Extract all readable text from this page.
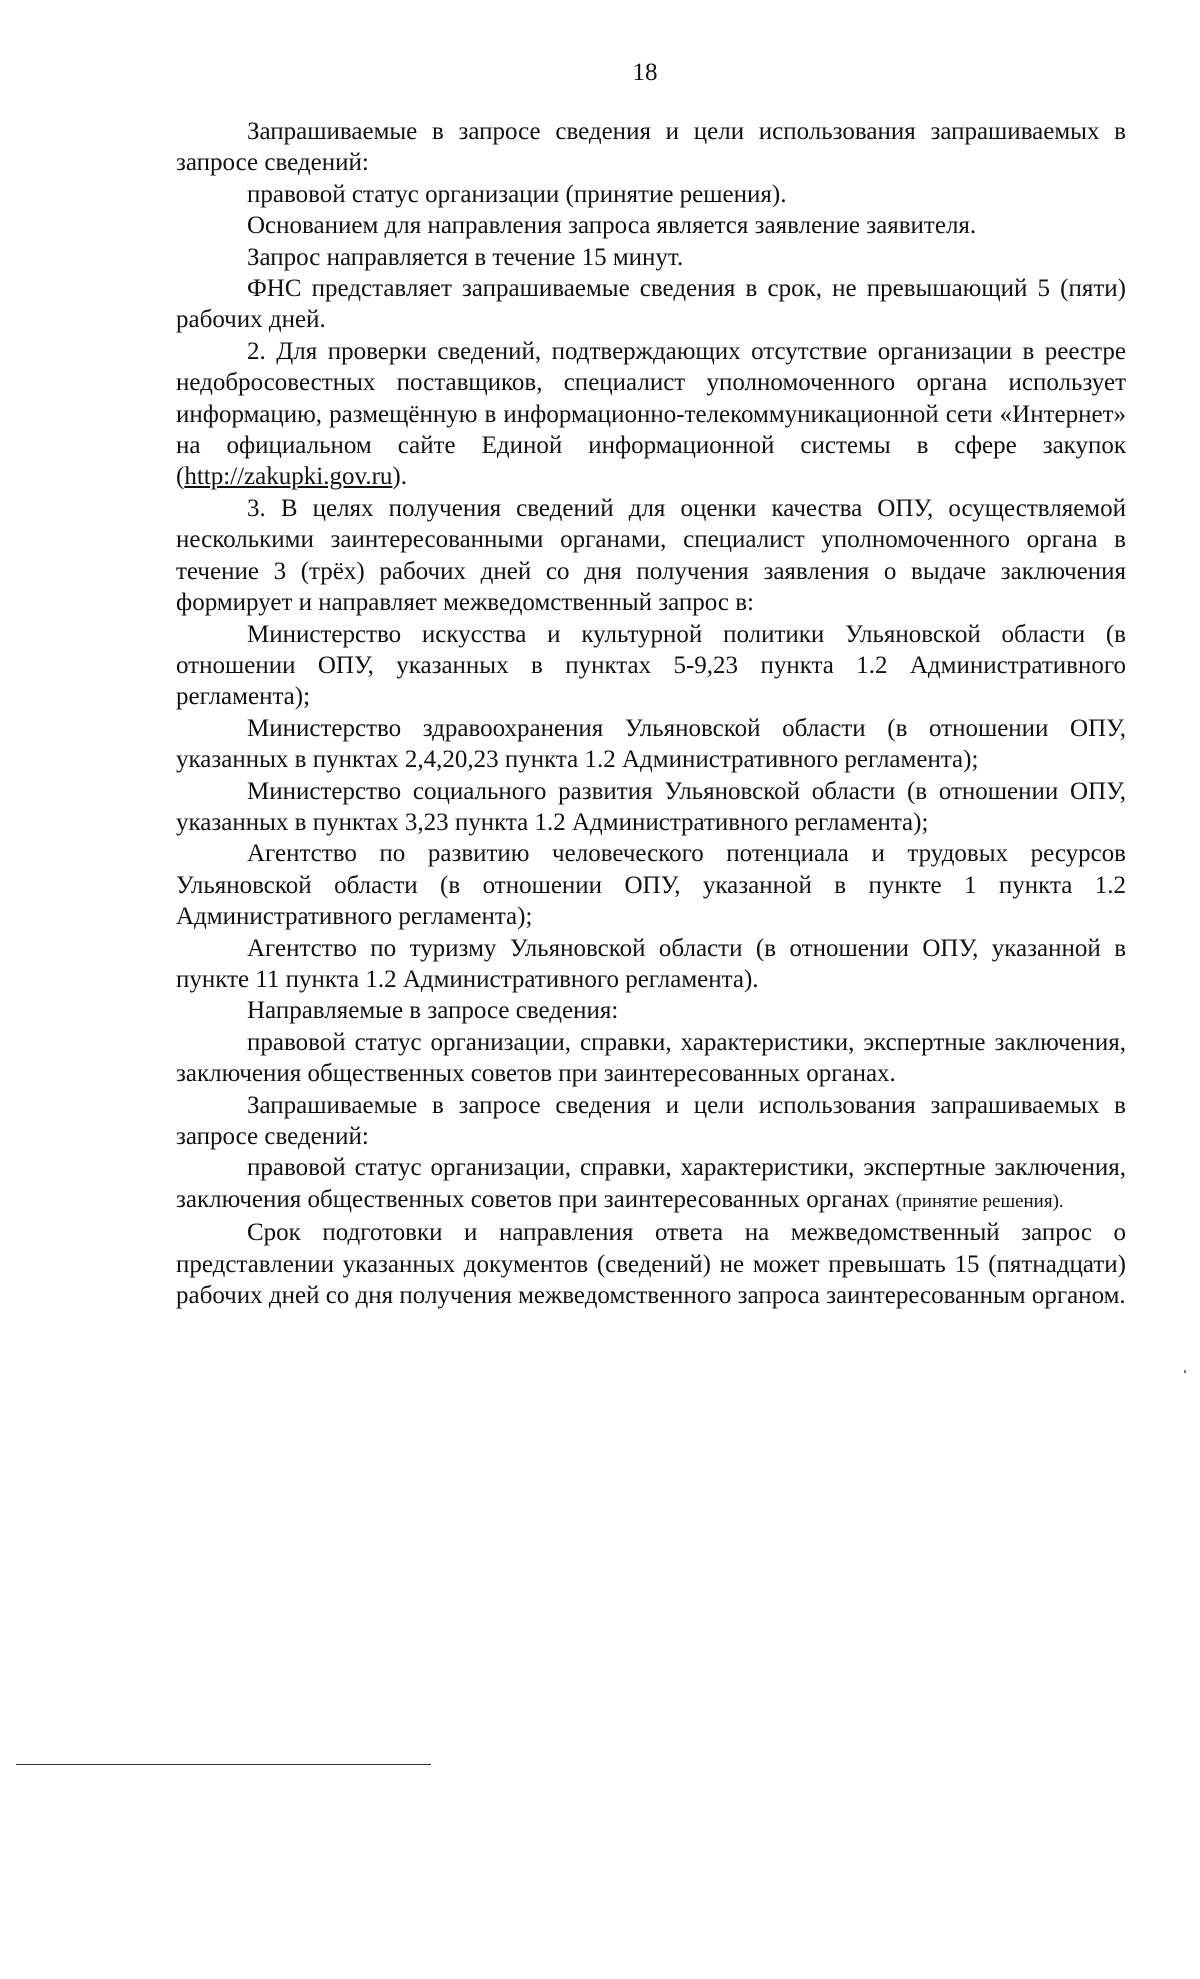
18

Запрашиваемые в запросе сведения и цели использования запрашиваемых в запросе сведений:

правовой статус организации (принятие решения).

Основанием для направления запроса является заявление заявителя.

Запрос направляется в течение 15 минут.

ФНС представляет запрашиваемые сведения в срок, не превышающий 5 (пяти) рабочих дней.

2. Для проверки сведений, подтверждающих отсутствие организации в реестре недобросовестных поставщиков, специалист уполномоченного органа использует информацию, размещённую в информационно-телекоммуникационной сети «Интернет» на официальном сайте Единой информационной системы в сфере закупок (http://zakupki.gov.ru).

3. В целях получения сведений для оценки качества ОПУ, осуществляемой несколькими заинтересованными органами, специалист уполномоченного органа в течение 3 (трёх) рабочих дней со дня получения заявления о выдаче заключения формирует и направляет межведомственный запрос в:

Министерство искусства и культурной политики Ульяновской области (в отношении ОПУ, указанных в пунктах 5-9,23 пункта 1.2 Административного регламента);

Министерство здравоохранения Ульяновской области (в отношении ОПУ, указанных в пунктах 2,4,20,23 пункта 1.2 Административного регламента);

Министерство социального развития Ульяновской области (в отношении ОПУ, указанных в пунктах 3,23 пункта 1.2 Административного регламента);

Агентство по развитию человеческого потенциала и трудовых ресурсов Ульяновской области (в отношении ОПУ, указанной в пункте 1 пункта 1.2 Административного регламента);

Агентство по туризму Ульяновской области (в отношении ОПУ, указанной в пункте 11 пункта 1.2 Административного регламента).

Направляемые в запросе сведения:

правовой статус организации, справки, характеристики, экспертные заключения, заключения общественных советов при заинтересованных органах.

Запрашиваемые в запросе сведения и цели использования запрашиваемых в запросе сведений:

правовой статус организации, справки, характеристики, экспертные заключения, заключения общественных советов при заинтересованных органах (принятие решения).

Срок подготовки и направления ответа на межведомственный запрос о представлении указанных документов (сведений) не может превышать 15 (пятнадцати) рабочих дней со дня получения межведомственного запроса заинтересованным органом.
